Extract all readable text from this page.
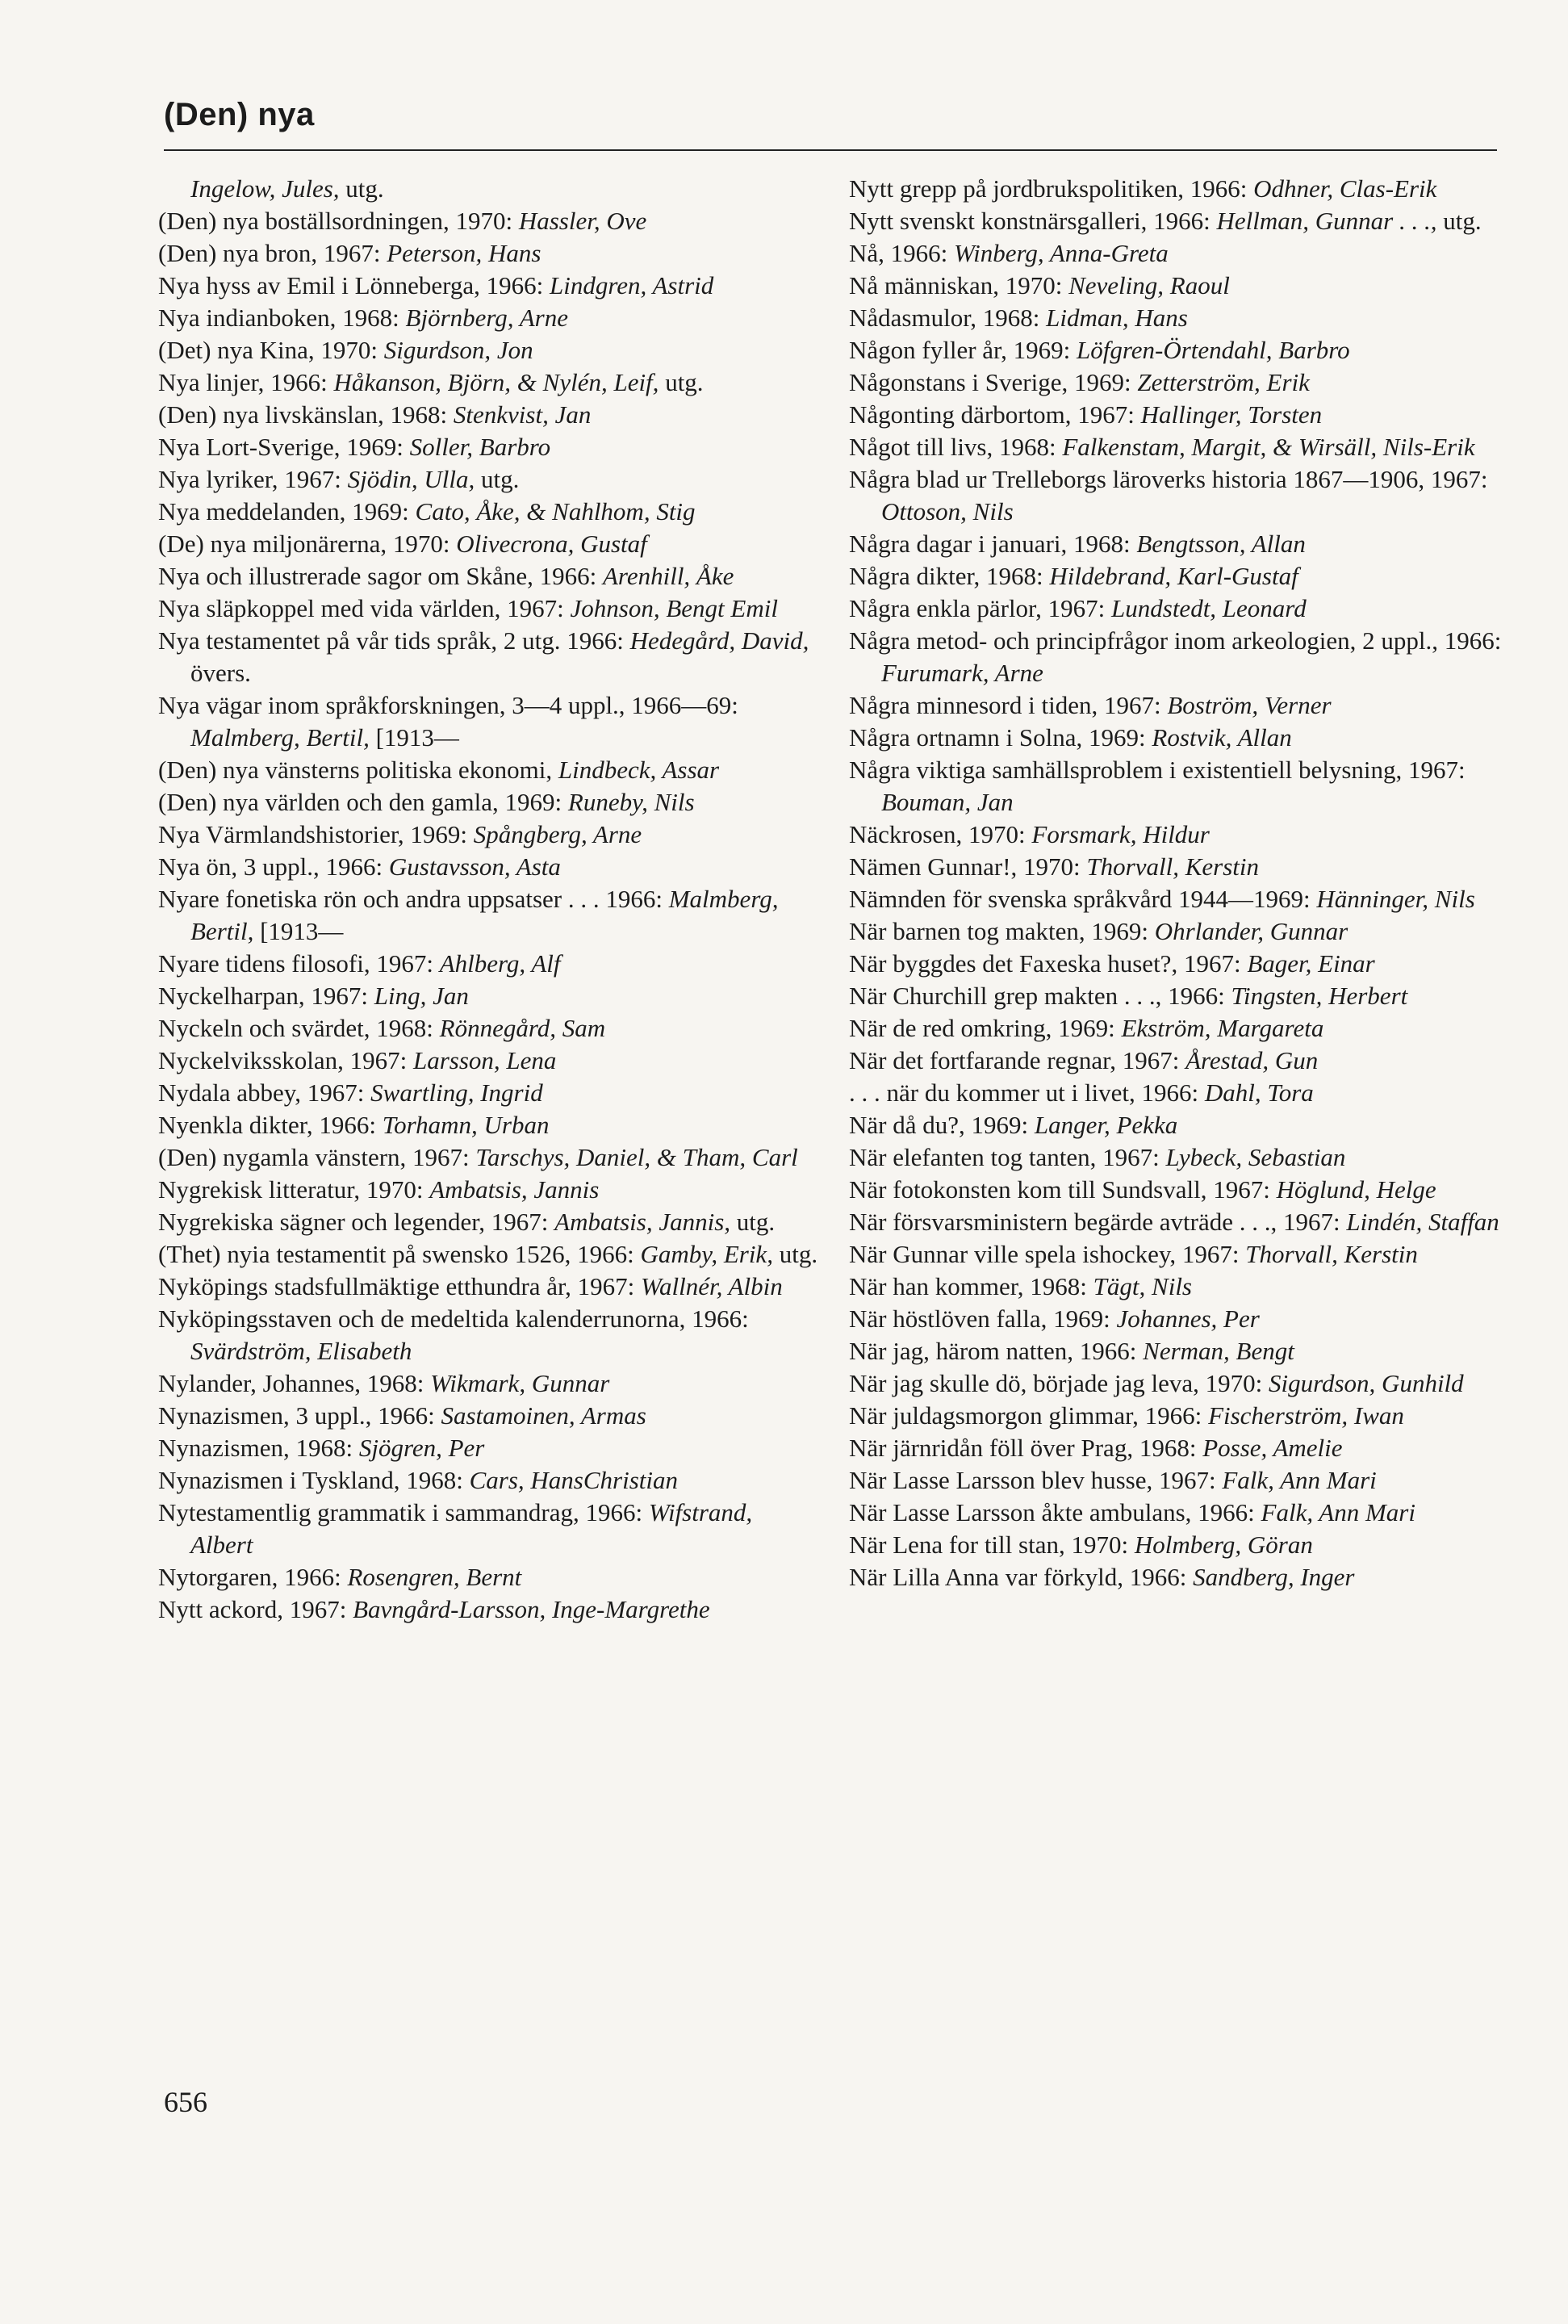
(Den) nya
Ingelow, Jules, utg.
(Den) nya boställsordningen, 1970: Hassler, Ove
(Den) nya bron, 1967: Peterson, Hans
Nya hyss av Emil i Lönneberga, 1966: Lindgren, Astrid
Nya indianboken, 1968: Björnberg, Arne
(Det) nya Kina, 1970: Sigurdson, Jon
Nya linjer, 1966: Håkanson, Björn, & Nylén, Leif, utg.
(Den) nya livskänslan, 1968: Stenkvist, Jan
Nya Lort-Sverige, 1969: Soller, Barbro
Nya lyriker, 1967: Sjödin, Ulla, utg.
Nya meddelanden, 1969: Cato, Åke, & Nahlhom, Stig
(De) nya miljonärerna, 1970: Olivecrona, Gustaf
Nya och illustrerade sagor om Skåne, 1966: Arenhill, Åke
Nya släpkoppel med vida världen, 1967: Johnson, Bengt Emil
Nya testamentet på vår tids språk, 2 utg. 1966: Hedegård, David, övers.
Nya vägar inom språkforskningen, 3—4 uppl., 1966—69: Malmberg, Bertil, [1913—
(Den) nya vänsterns politiska ekonomi, Lindbeck, Assar
(Den) nya världen och den gamla, 1969: Runeby, Nils
Nya Värmlandshistorier, 1969: Spångberg, Arne
Nya ön, 3 uppl., 1966: Gustavsson, Asta
Nyare fonetiska rön och andra uppsatser . . . 1966: Malmberg, Bertil, [1913—
Nyare tidens filosofi, 1967: Ahlberg, Alf
Nyckelharpan, 1967: Ling, Jan
Nyckeln och svärdet, 1968: Rönnegård, Sam
Nyckelviksskolan, 1967: Larsson, Lena
Nydala abbey, 1967: Swartling, Ingrid
Nyenkla dikter, 1966: Torhamn, Urban
(Den) nygamla vänstern, 1967: Tarschys, Daniel, & Tham, Carl
Nygrekisk litteratur, 1970: Ambatsis, Jannis
Nygrekiska sägner och legender, 1967: Ambatsis, Jannis, utg.
(Thet) nyia testamentit på swensko 1526, 1966: Gamby, Erik, utg.
Nyköpings stadsfullmäktige etthundra år, 1967: Wallnér, Albin
Nyköpingsstaven och de medeltida kalenderrunorna, 1966: Svärdström, Elisabeth
Nylander, Johannes, 1968: Wikmark, Gunnar
Nynazismen, 3 uppl., 1966: Sastamoinen, Armas
Nynazismen, 1968: Sjögren, Per
Nynazismen i Tyskland, 1968: Cars, HansChristian
Nytestamentlig grammatik i sammandrag, 1966: Wifstrand, Albert
Nytorgaren, 1966: Rosengren, Bernt
Nytt ackord, 1967: Bavngård-Larsson, Inge-Margrethe
Nytt grepp på jordbrukspolitiken, 1966: Odhner, Clas-Erik
Nytt svenskt konstnärsgalleri, 1966: Hellman, Gunnar . . ., utg.
Nå, 1966: Winberg, Anna-Greta
Nå människan, 1970: Neveling, Raoul
Nådasmulor, 1968: Lidman, Hans
Någon fyller år, 1969: Löfgren-Örtendahl, Barbro
Någonstans i Sverige, 1969: Zetterström, Erik
Någonting därbortom, 1967: Hallinger, Torsten
Något till livs, 1968: Falkenstam, Margit, & Wirsäll, Nils-Erik
Några blad ur Trelleborgs läroverks historia 1867—1906, 1967: Ottoson, Nils
Några dagar i januari, 1968: Bengtsson, Allan
Några dikter, 1968: Hildebrand, Karl-Gustaf
Några enkla pärlor, 1967: Lundstedt, Leonard
Några metod- och principfrågor inom arkeologien, 2 uppl., 1966: Furumark, Arne
Några minnesord i tiden, 1967: Boström, Verner
Några ortnamn i Solna, 1969: Rostvik, Allan
Några viktiga samhällsproblem i existentiell belysning, 1967: Bouman, Jan
Näckrosen, 1970: Forsmark, Hildur
Nämen Gunnar!, 1970: Thorvall, Kerstin
Nämnden för svenska språkvård 1944—1969: Hänninger, Nils
När barnen tog makten, 1969: Ohrlander, Gunnar
När byggdes det Faxeska huset?, 1967: Bager, Einar
När Churchill grep makten . . ., 1966: Tingsten, Herbert
När de red omkring, 1969: Ekström, Margareta
När det fortfarande regnar, 1967: Årestad, Gun
. . . när du kommer ut i livet, 1966: Dahl, Tora
När då du?, 1969: Langer, Pekka
När elefanten tog tanten, 1967: Lybeck, Sebastian
När fotokonsten kom till Sundsvall, 1967: Höglund, Helge
När försvarsministern begärde avträde . . ., 1967: Lindén, Staffan
När Gunnar ville spela ishockey, 1967: Thorvall, Kerstin
När han kommer, 1968: Tägt, Nils
När höstlöven falla, 1969: Johannes, Per
När jag, härom natten, 1966: Nerman, Bengt
När jag skulle dö, började jag leva, 1970: Sigurdson, Gunhild
När juldagsmorgon glimmar, 1966: Fischerström, Iwan
När järnridån föll över Prag, 1968: Posse, Amelie
När Lasse Larsson blev husse, 1967: Falk, Ann Mari
När Lasse Larsson åkte ambulans, 1966: Falk, Ann Mari
När Lena for till stan, 1970: Holmberg, Göran
När Lilla Anna var förkyld, 1966: Sandberg, Inger
656
